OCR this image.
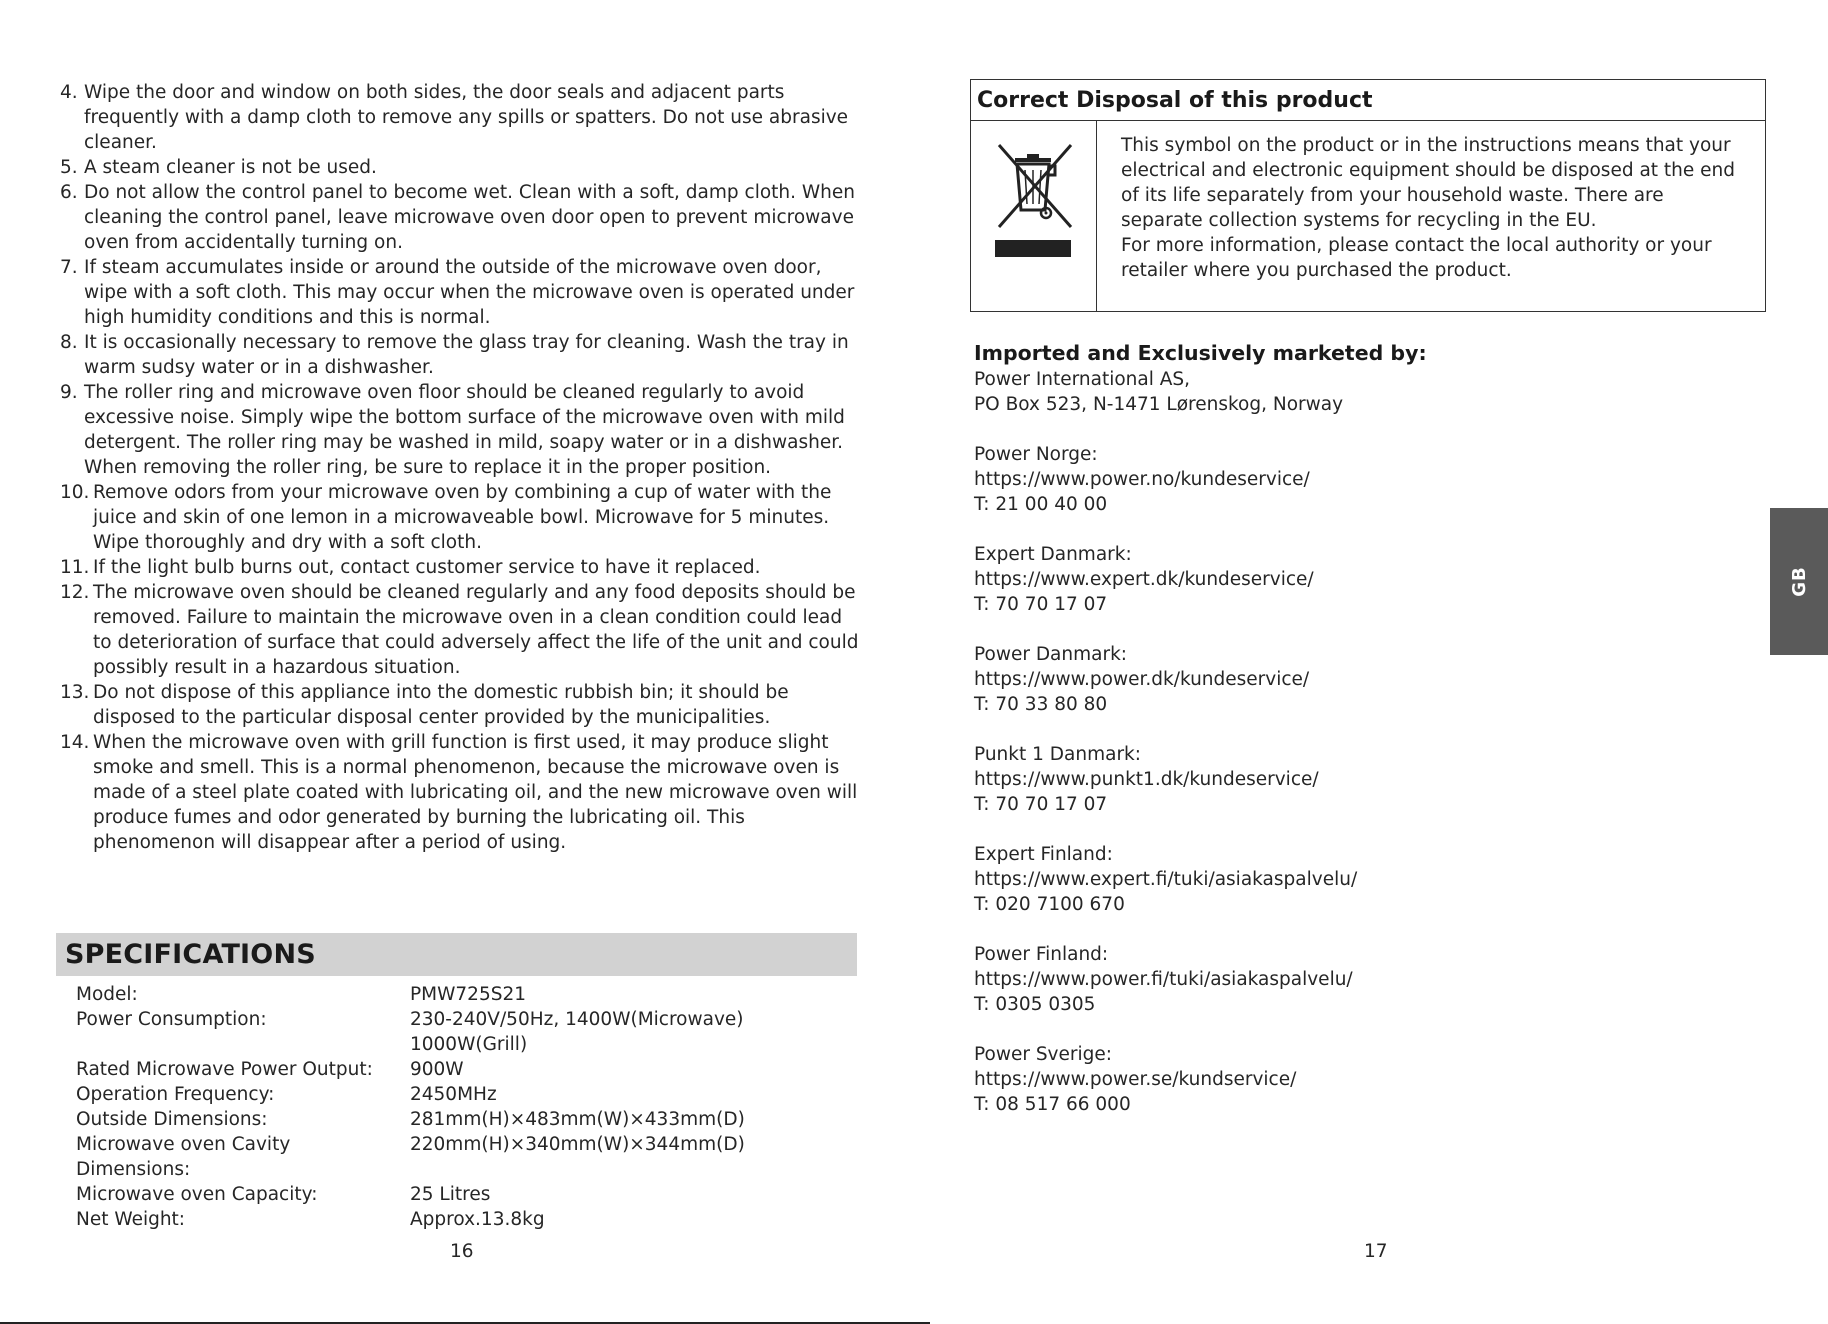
4. Wipe the door and window on both sides, the door seals and adjacent parts frequently with a damp cloth to remove any spills or spatters. Do not use abrasive cleaner.
5. A steam cleaner is not be used.
6. Do not allow the control panel to become wet. Clean with a soft, damp cloth. When cleaning the control panel, leave microwave oven door open to prevent microwave oven from accidentally turning on.
7. If steam accumulates inside or around the outside of the microwave oven door, wipe with a soft cloth. This may occur when the microwave oven is operated under high humidity conditions and this is normal.
8. It is occasionally necessary to remove the glass tray for cleaning. Wash the tray in warm sudsy water or in a dishwasher.
9. The roller ring and microwave oven floor should be cleaned regularly to avoid excessive noise. Simply wipe the bottom surface of the microwave oven with mild detergent. The roller ring may be washed in mild, soapy water or in a dishwasher. When removing the roller ring, be sure to replace it in the proper position.
10. Remove odors from your microwave oven by combining a cup of water with the juice and skin of one lemon in a microwaveable bowl. Microwave for 5 minutes. Wipe thoroughly and dry with a soft cloth.
11. If the light bulb burns out, contact customer service to have it replaced.
12. The microwave oven should be cleaned regularly and any food deposits should be removed. Failure to maintain the microwave oven in a clean condition could lead to deterioration of surface that could adversely affect the life of the unit and could possibly result in a hazardous situation.
13. Do not dispose of this appliance into the domestic rubbish bin; it should be disposed to the particular disposal center provided by the municipalities.
14. When the microwave oven with grill function is first used, it may produce slight smoke and smell. This is a normal phenomenon, because the microwave oven is made of a steel plate coated with lubricating oil, and the new microwave oven will produce fumes and odor generated by burning the lubricating oil. This phenomenon will disappear after a period of using.
SPECIFICATIONS
Model:	PMW725S21
Power Consumption:	230-240V/50Hz, 1400W(Microwave)
1000W(Grill)
Rated Microwave Power Output:	900W
Operation Frequency:	2450MHz
Outside Dimensions:	281mm(H)×483mm(W)×433mm(D)
Microwave oven Cavity Dimensions:	220mm(H)×340mm(W)×344mm(D)
Microwave oven Capacity:	25 Litres
Net Weight:	Approx.13.8kg
16
Correct Disposal of this product

This symbol on the product or in the instructions means that your electrical and electronic equipment should be disposed at the end of its life separately from your household waste. There are separate collection systems for recycling in the EU.

For more information, please contact the local authority or your retailer where you purchased the product.

Imported and Exclusively marketed by:
Power International AS,
PO Box 523, N-1471 Lørenskog, Norway
Power Norge:
https://www.power.no/kundeservice/
T: 21 00 40 00
Expert Danmark:
https://www.expert.dk/kundeservice/
T: 70 70 17 07
Power Danmark:
https://www.power.dk/kundeservice/
T: 70 33 80 80
Punkt 1 Danmark:
https://www.punkt1.dk/kundeservice/
T: 70 70 17 07
Expert Finland:
https://www.expert.fi/tuki/asiakaspalvelu/
T: 020 7100 670
Power Finland:
https://www.power.fi/tuki/asiakaspalvelu/
T: 0305 0305
Power Sverige:
https://www.power.se/kundservice/
T: 08 517 66 000
17
GB
